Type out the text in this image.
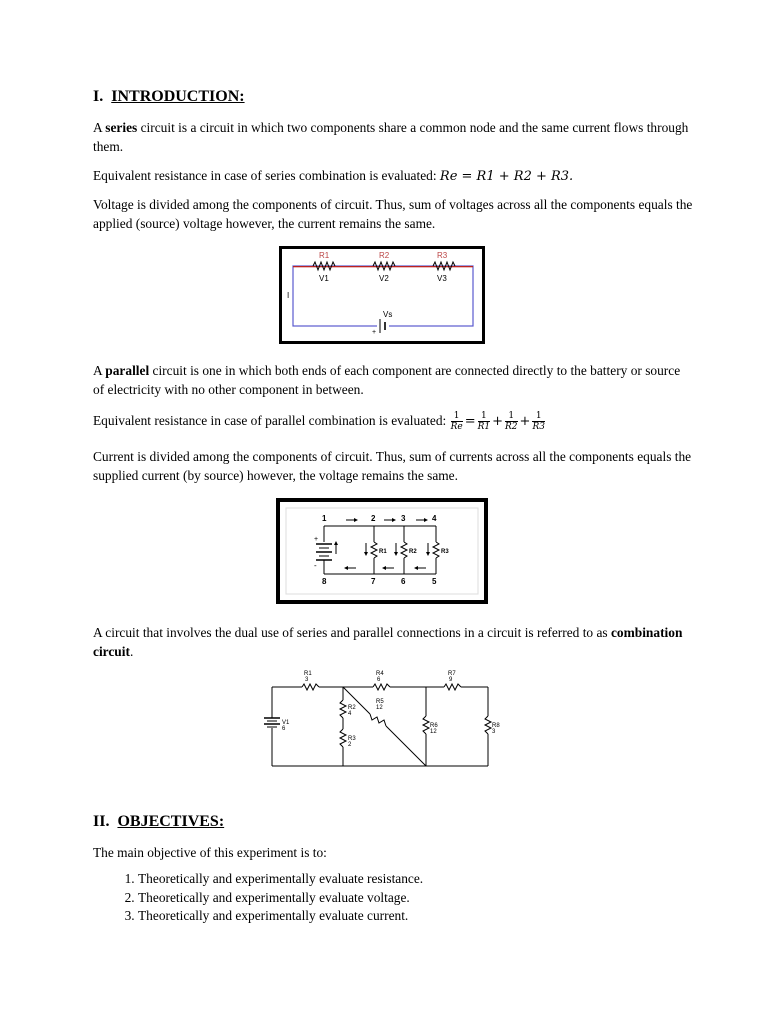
I. INTRODUCTION:

A series circuit is a circuit in which two components share a common node and the same current flows through them.

Equivalent resistance in case of series combination is evaluated: Re = R1 + R2 + R3.

Voltage is divided among the components of circuit. Thus, sum of voltages across all the components equals the applied (source) voltage however, the current remains the same.

R1	R2	R3
V1	V2	V3
I
Vs
+

A parallel circuit is one in which both ends of each component are connected directly to the battery or source of electricity with no other component in between.

Equivalent resistance in case of parallel combination is evaluated: $\frac{1}{Re} = \frac{1}{R1} + \frac{1}{R2} + \frac{1}{R3}$

Current is divided among the components of circuit. Thus, sum of currents across all the components equals the supplied current (by source) however, the voltage remains the same.

1	2	3	4
8	7	6	5
R1	R2	R3
+
-

A circuit that involves the dual use of series and parallel connections in a circuit is referred to as combination circuit.

R1
3
R4
6
R7
9
R2
4
R5
12
R3
2
R6
12
R8
3
V1
6
II. OBJECTIVES:

The main objective of this experiment is to:

1. Theoretically and experimentally evaluate resistance.
2. Theoretically and experimentally evaluate voltage.
3. Theoretically and experimentally evaluate current.
